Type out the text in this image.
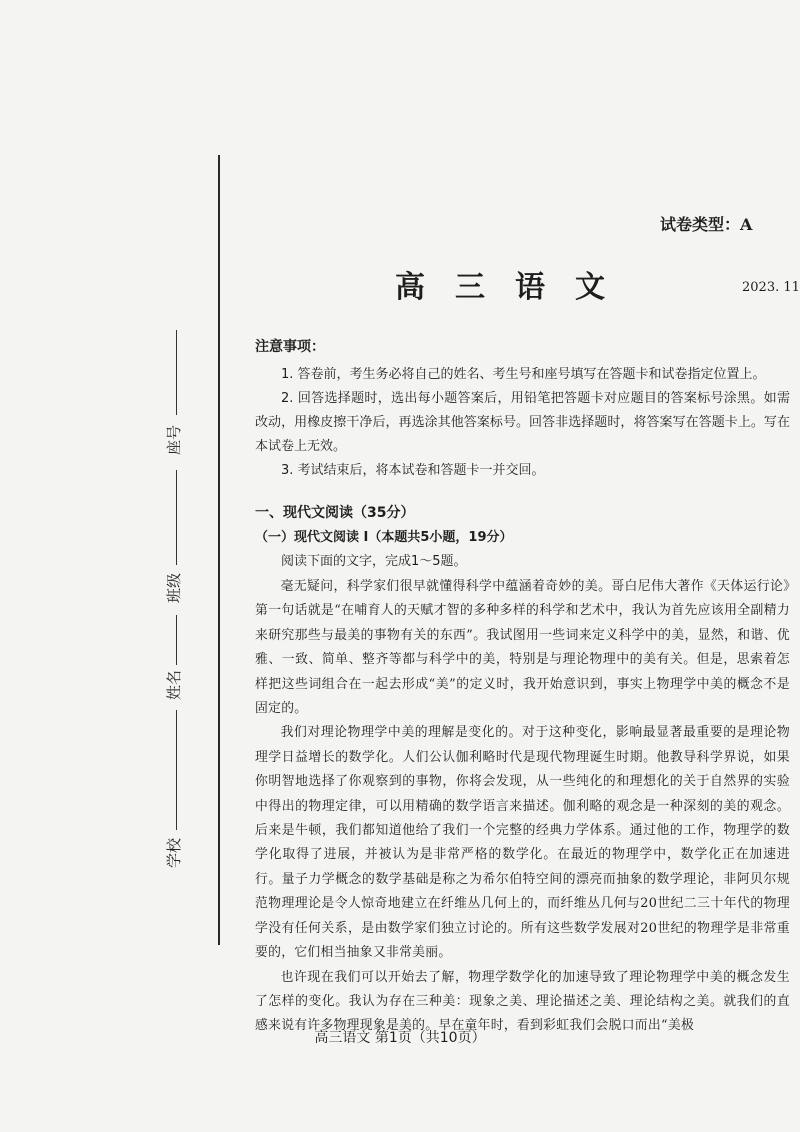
座号
班级
姓名
学校
试卷类型：A
高三语文	2023. 11
注意事项：

1. 答卷前，考生务必将自己的姓名、考生号和座号填写在答题卡和试卷指定位置上。

2. 回答选择题时，选出每小题答案后，用铅笔把答题卡对应题目的答案标号涂黑。如需改动，用橡皮擦干净后，再选涂其他答案标号。回答非选择题时，将答案写在答题卡上。写在本试卷上无效。

3. 考试结束后，将本试卷和答题卡一并交回。

一、现代文阅读（35分）
（一）现代文阅读 I（本题共5小题，19分）
阅读下面的文字，完成1～5题。

毫无疑问，科学家们很早就懂得科学中蕴涵着奇妙的美。哥白尼伟大著作《天体运行论》第一句话就是“在哺育人的天赋才智的多种多样的科学和艺术中，我认为首先应该用全副精力来研究那些与最美的事物有关的东西”。我试图用一些词来定义科学中的美，显然，和谐、优雅、一致、简单、整齐等都与科学中的美，特别是与理论物理中的美有关。但是，思索着怎样把这些词组合在一起去形成“美”的定义时，我开始意识到，事实上物理学中美的概念不是固定的。

我们对理论物理学中美的理解是变化的。对于这种变化，影响最显著最重要的是理论物理学日益增长的数学化。人们公认伽利略时代是现代物理诞生时期。他教导科学界说，如果你明智地选择了你观察到的事物，你将会发现，从一些纯化的和理想化的关于自然界的实验中得出的物理定律，可以用精确的数学语言来描述。伽利略的观念是一种深刻的美的观念。后来是牛顿，我们都知道他给了我们一个完整的经典力学体系。通过他的工作，物理学的数学化取得了进展，并被认为是非常严格的数学化。在最近的物理学中，数学化正在加速进行。量子力学概念的数学基础是称之为希尔伯特空间的漂亮而抽象的数学理论，非阿贝尔规范物理理论是令人惊奇地建立在纤维丛几何上的，而纤维丛几何与20世纪二三十年代的物理学没有任何关系，是由数学家们独立讨论的。所有这些数学发展对20世纪的物理学是非常重要的，它们相当抽象又非常美丽。

也许现在我们可以开始去了解，物理学数学化的加速导致了理论物理学中美的概念发生了怎样的变化。我认为存在三种美：现象之美、理论描述之美、理论结构之美。就我们的直感来说有许多物理现象是美的。早在童年时，看到彩虹我们会脱口而出“美极

高三语文 第1页（共10页）
